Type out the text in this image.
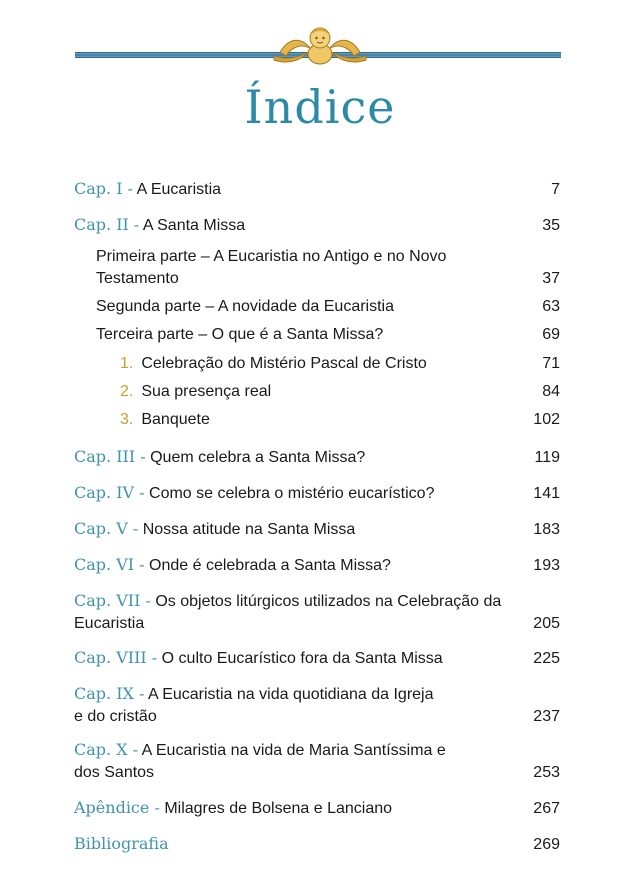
Índice
Cap. I - A Eucaristia	7
Cap. II - A Santa Missa	35
Primeira parte – A Eucaristia no Antigo e no Novo Testamento	37
Segunda parte – A novidade da Eucaristia	63
Terceira parte – O que é a Santa Missa?	69
1. Celebração do Mistério Pascal de Cristo	71
2. Sua presença real	84
3. Banquete	102
Cap. III - Quem celebra a Santa Missa?	119
Cap. IV - Como se celebra o mistério eucarístico?	141
Cap. V - Nossa atitude na Santa Missa	183
Cap. VI - Onde é celebrada a Santa Missa?	193
Cap. VII - Os objetos litúrgicos utilizados na Celebração da Eucaristia	205
Cap. VIII - O culto Eucarístico fora da Santa Missa	225
Cap. IX - A Eucaristia na vida quotidiana da Igreja e do cristão	237
Cap. X - A Eucaristia na vida de Maria Santíssima e dos Santos	253
Apêndice - Milagres de Bolsena e Lanciano	267
Bibliografia	269
